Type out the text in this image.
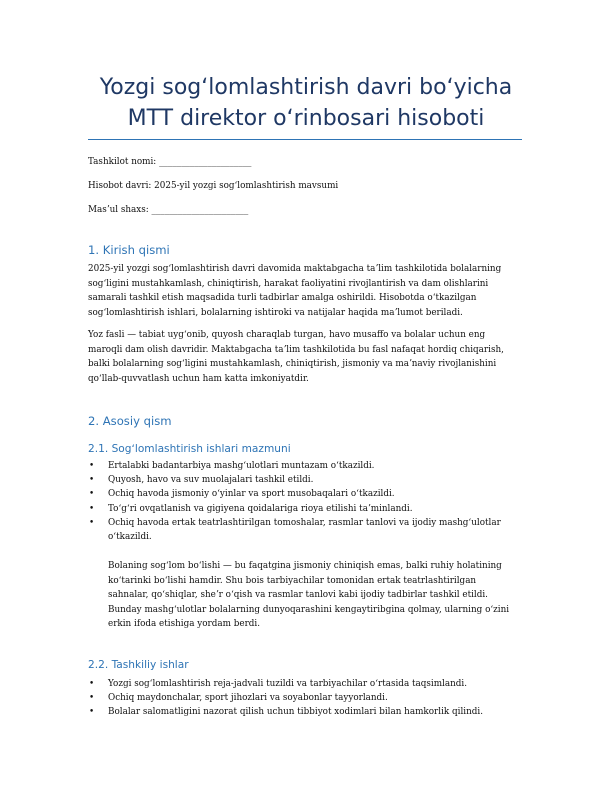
Yozgi sogʻlomlashtirish davri boʻyicha
MTT direktor oʻrinbosari hisoboti
Tashkilot nomi: _____________________
Hisobot davri: 2025-yil yozgi sogʻlomlashtirish mavsumi
Masʼul shaxs: ______________________
1. Kirish qismi
2025-yil yozgi sogʻlomlashtirish davri davomida maktabgacha taʼlim tashkilotida bolalarning
sogʻligini mustahkamlash, chiniqtirish, harakat faoliyatini rivojlantirish va dam olishlarini
samarali tashkil etish maqsadida turli tadbirlar amalga oshirildi. Hisobotda oʻtkazilgan
sogʻlomlashtirish ishlari, bolalarning ishtiroki va natijalar haqida maʼlumot beriladi.
Yoz fasli — tabiat uygʻonib, quyosh charaqlab turgan, havo musaffo va bolalar uchun eng
maroqli dam olish davridir. Maktabgacha taʼlim tashkilotida bu fasl nafaqat hordiq chiqarish,
balki bolalarning sogʻligini mustahkamlash, chiniqtirish, jismoniy va maʼnaviy rivojlanishini
qoʻllab-quvvatlash uchun ham katta imkoniyatdir.
2. Asosiy qism
2.1. Sogʻlomlashtirish ishlari mazmuni
• Ertalabki badantarbiya mashgʻulotlari muntazam oʻtkazildi.
• Quyosh, havo va suv muolajalari tashkil etildi.
• Ochiq havoda jismoniy oʻyinlar va sport musobaqalari oʻtkazildi.
• Toʻgʻri ovqatlanish va gigiyena qoidalariga rioya etilishi taʼminlandi.
• Ochiq havoda ertak teatrlashtirilgan tomoshalar, rasmlar tanlovi va ijodiy mashgʻulotlar
oʻtkazildi.
Bolaning sogʻlom boʻlishi — bu faqatgina jismoniy chiniqish emas, balki ruhiy holatining
koʻtarinki boʻlishi hamdir. Shu bois tarbiyachilar tomonidan ertak teatrlashtirilgan
sahnalar, qoʻshiqlar, sheʼr oʻqish va rasmlar tanlovi kabi ijodiy tadbirlar tashkil etildi.
Bunday mashgʻulotlar bolalarning dunyoqarashini kengaytiribgina qolmay, ularning oʻzini
erkin ifoda etishiga yordam berdi.
2.2. Tashkiliy ishlar
• Yozgi sogʻlomlashtirish reja-jadvali tuzildi va tarbiyachilar oʻrtasida taqsimlandi.
• Ochiq maydonchalar, sport jihozlari va soyabonlar tayyorlandi.
• Bolalar salomatligini nazorat qilish uchun tibbiyot xodimlari bilan hamkorlik qilindi.
